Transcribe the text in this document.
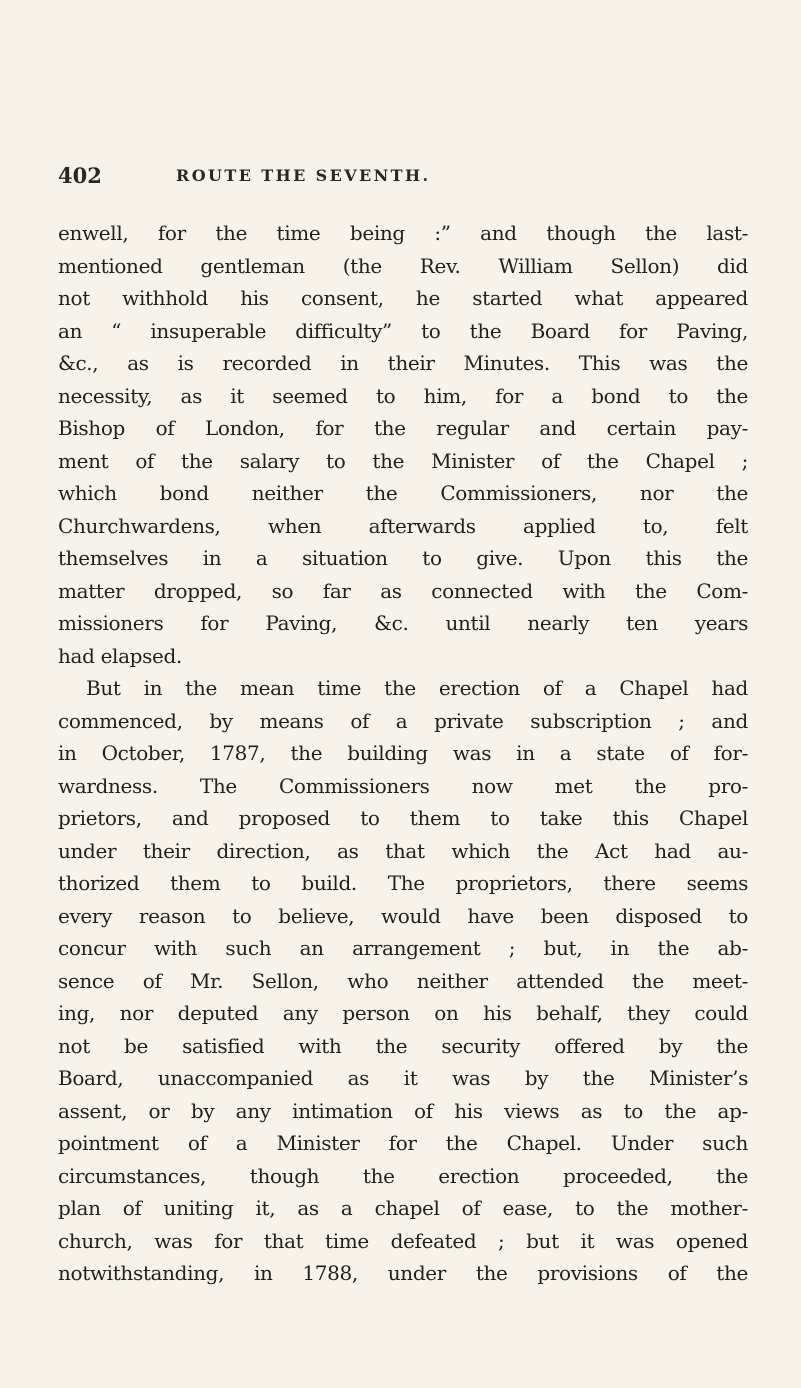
402	ROUTE THE SEVENTH.
enwell, for the time being :” and though the last-
mentioned gentleman (the Rev. William Sellon) did
not withhold his consent, he started what appeared
an “ insuperable difficulty” to the Board for Paving,
&c., as is recorded in their Minutes. This was the
necessity, as it seemed to him, for a bond to the
Bishop of London, for the regular and certain pay-
ment of the salary to the Minister of the Chapel ;
which bond neither the Commissioners, nor the
Churchwardens, when afterwards applied to, felt
themselves in a situation to give. Upon this the
matter dropped, so far as connected with the Com-
missioners for Paving, &c. until nearly ten years
had elapsed.
But in the mean time the erection of a Chapel had
commenced, by means of a private subscription ; and
in October, 1787, the building was in a state of for-
wardness. The Commissioners now met the pro-
prietors, and proposed to them to take this Chapel
under their direction, as that which the Act had au-
thorized them to build. The proprietors, there seems
every reason to believe, would have been disposed to
concur with such an arrangement ; but, in the ab-
sence of Mr. Sellon, who neither attended the meet-
ing, nor deputed any person on his behalf, they could
not be satisfied with the security offered by the
Board, unaccompanied as it was by the Minister’s
assent, or by any intimation of his views as to the ap-
pointment of a Minister for the Chapel. Under such
circumstances, though the erection proceeded, the
plan of uniting it, as a chapel of ease, to the mother-
church, was for that time defeated ; but it was opened
notwithstanding, in 1788, under the provisions of the
